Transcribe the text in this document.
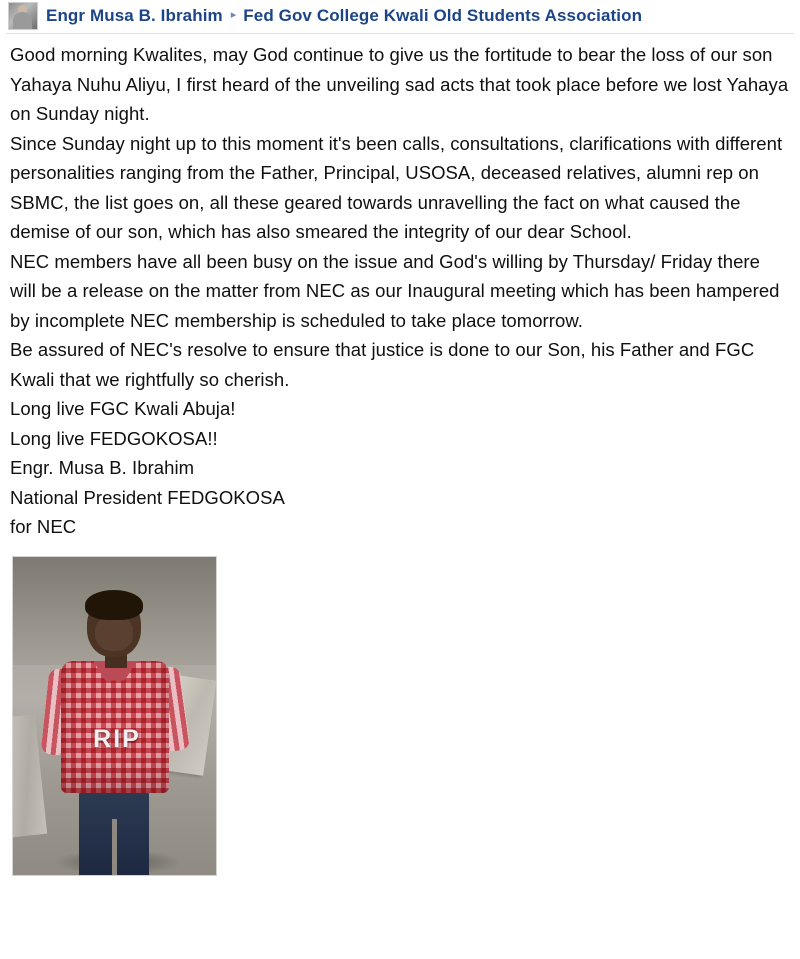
Engr Musa B. Ibrahim ▸ Fed Gov College Kwali Old Students Association

Good morning Kwalites, may God continue to give us the fortitude to bear the loss of our son Yahaya Nuhu Aliyu, I first heard of the unveiling sad acts that took place before we lost Yahaya on Sunday night.

Since Sunday night up to this moment it's been calls, consultations, clarifications with different personalities ranging from the Father, Principal, USOSA, deceased relatives, alumni rep on SBMC, the list goes on, all these geared towards unravelling the fact on what caused the demise of our son, which has also smeared the integrity of our dear School.

NEC members have all been busy on the issue and God's willing by Thursday/ Friday there will be a release on the matter from NEC as our Inaugural meeting which has been hampered by incomplete NEC membership is scheduled to take place tomorrow.

Be assured of NEC's resolve to ensure that justice is done to our Son, his Father and FGC Kwali that we rightfully so cherish.

Long live FGC Kwali Abuja!

Long live FEDGOKOSA!!

Engr. Musa B. Ibrahim

National President FEDGOKOSA

for NEC

RIP
